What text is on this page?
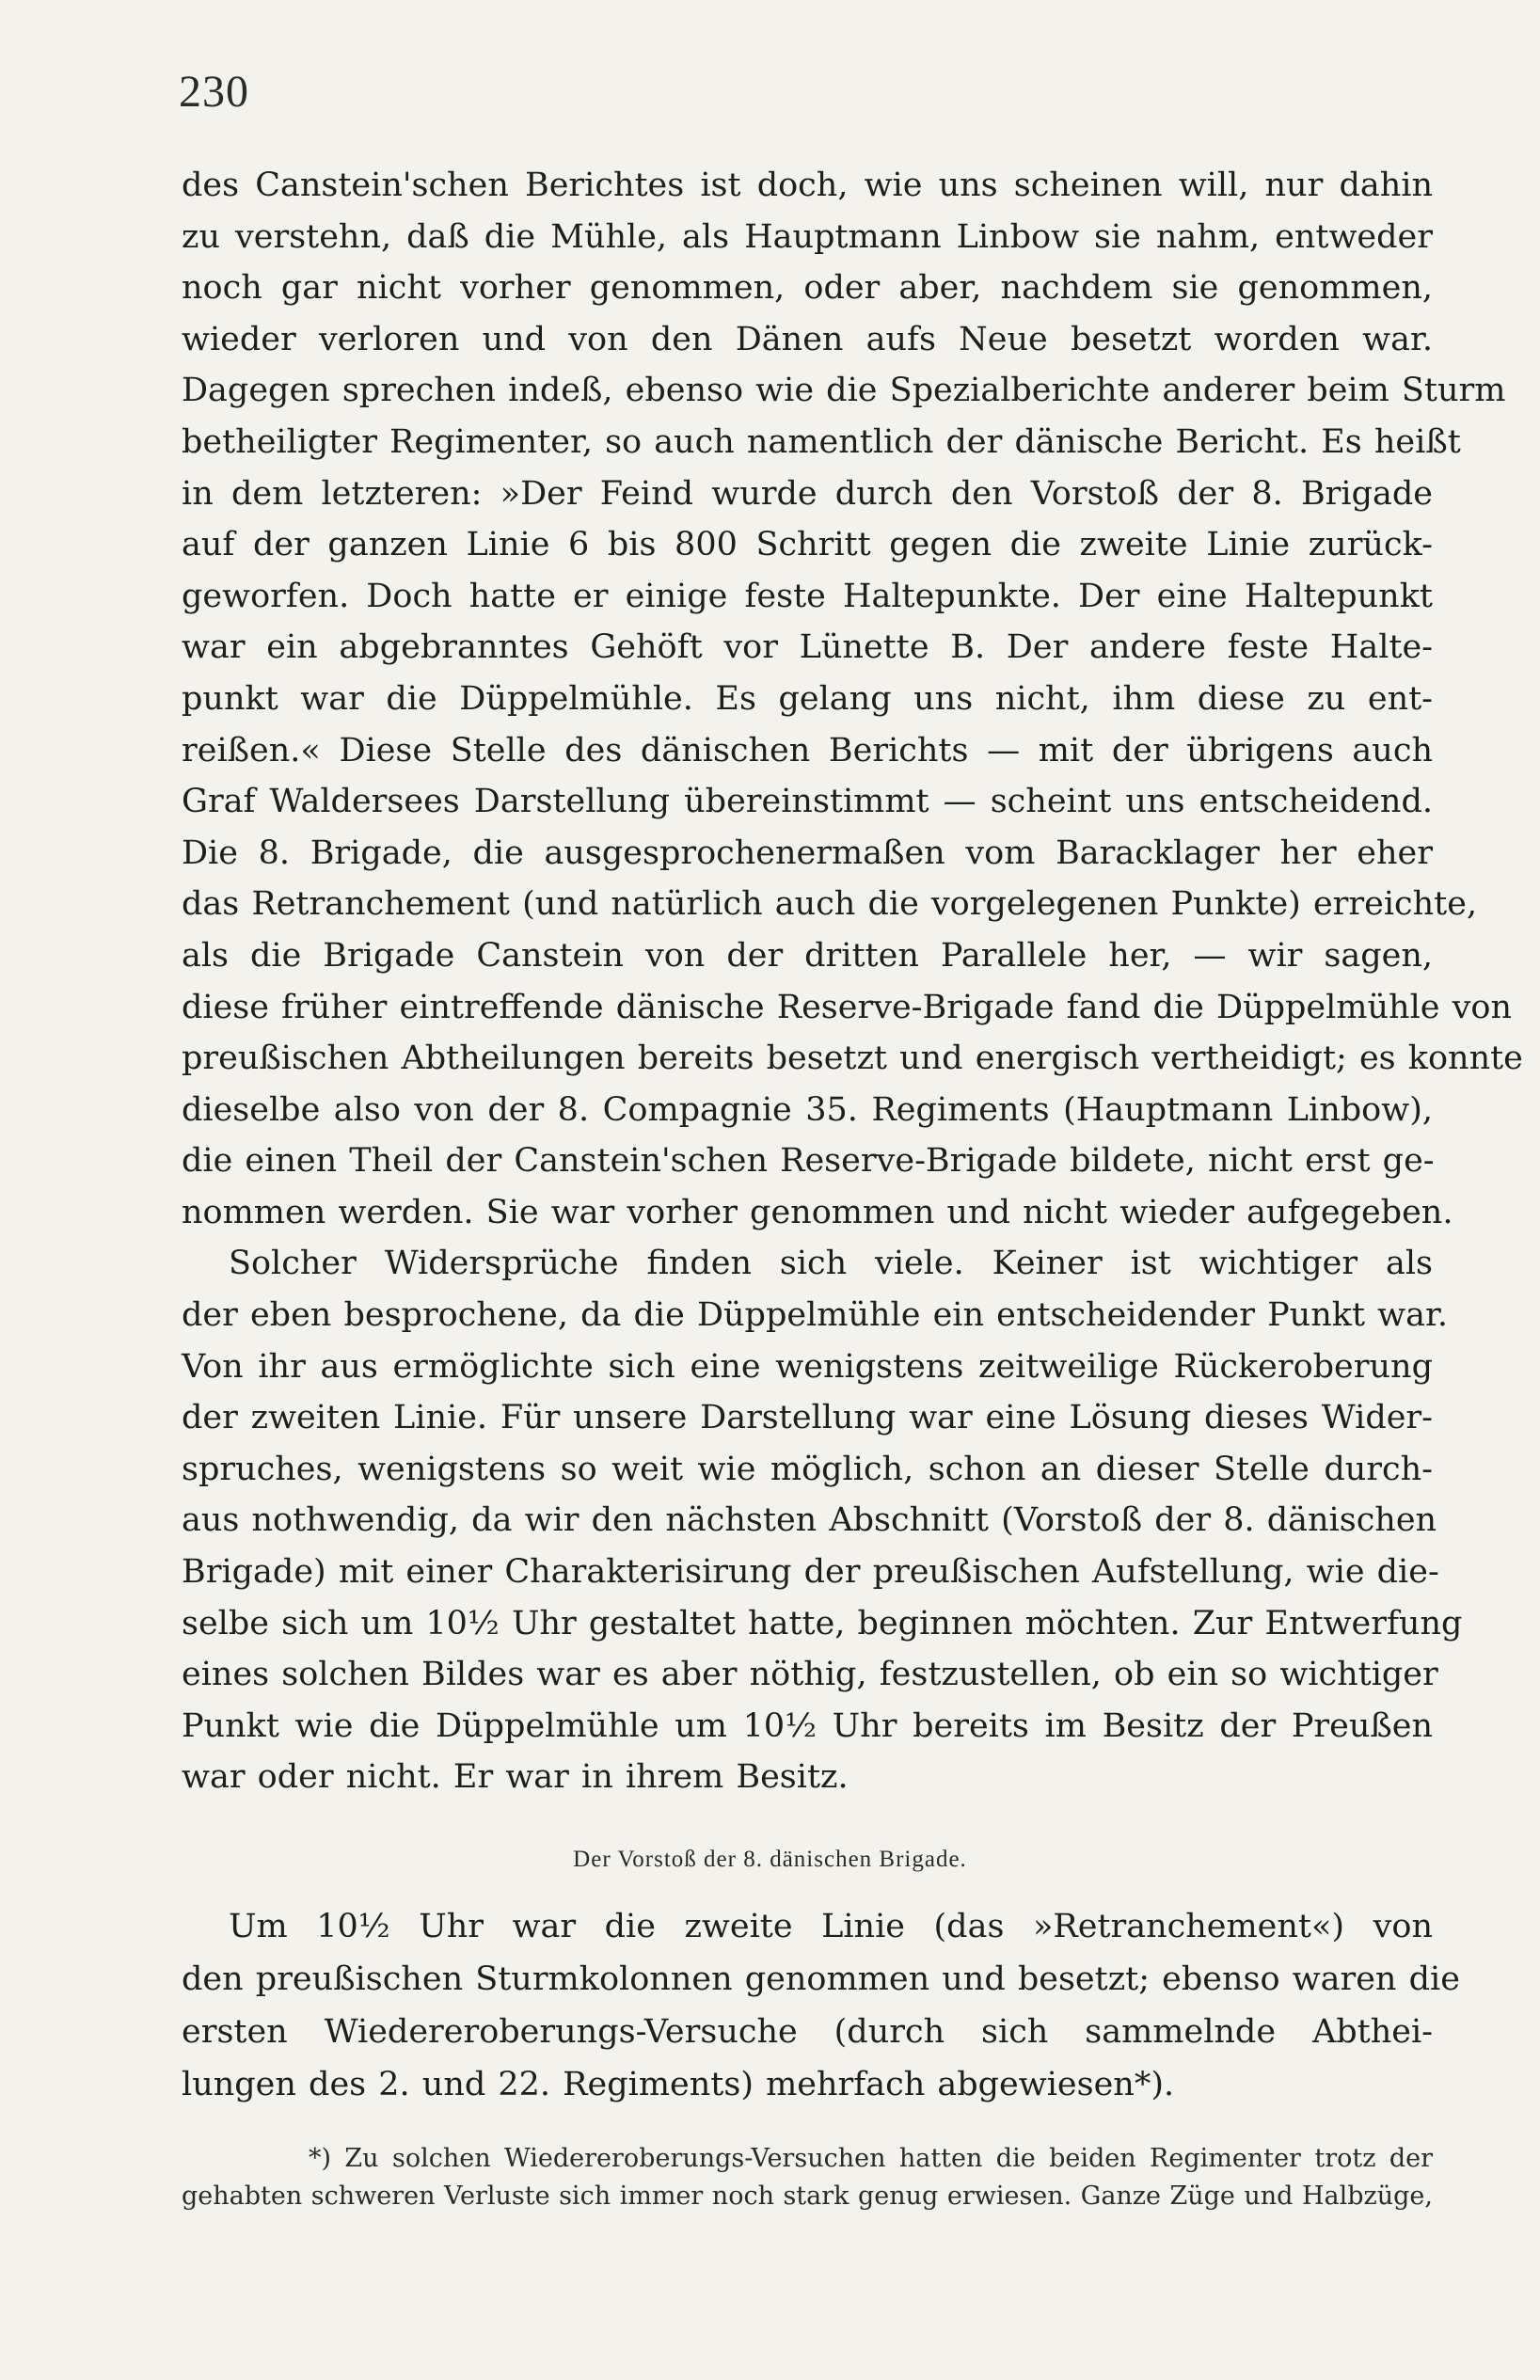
230
des Canstein'schen Berichtes ist doch, wie uns scheinen will, nur dahin
zu verstehn, daß die Mühle, als Hauptmann Linbow sie nahm, entweder
noch gar nicht vorher genommen, oder aber, nachdem sie genommen,
wieder verloren und von den Dänen aufs Neue besetzt worden war.
Dagegen sprechen indeß, ebenso wie die Spezialberichte anderer beim Sturm
betheiligter Regimenter, so auch namentlich der dänische Bericht. Es heißt
in dem letzteren: »Der Feind wurde durch den Vorstoß der 8. Brigade
auf der ganzen Linie 6 bis 800 Schritt gegen die zweite Linie zurück-
geworfen. Doch hatte er einige feste Haltepunkte. Der eine Haltepunkt
war ein abgebranntes Gehöft vor Lünette B. Der andere feste Halte-
punkt war die Düppelmühle. Es gelang uns nicht, ihm diese zu ent-
reißen.« Diese Stelle des dänischen Berichts — mit der übrigens auch
Graf Waldersees Darstellung übereinstimmt — scheint uns entscheidend.
Die 8. Brigade, die ausgesprochenermaßen vom Baracklager her eher
das Retranchement (und natürlich auch die vorgelegenen Punkte) erreichte,
als die Brigade Canstein von der dritten Parallele her, — wir sagen,
diese früher eintreffende dänische Reserve-Brigade fand die Düppelmühle von
preußischen Abtheilungen bereits besetzt und energisch vertheidigt; es konnte
dieselbe also von der 8. Compagnie 35. Regiments (Hauptmann Linbow),
die einen Theil der Canstein'schen Reserve-Brigade bildete, nicht erst ge-
nommen werden. Sie war vorher genommen und nicht wieder aufgegeben.
Solcher Widersprüche finden sich viele. Keiner ist wichtiger als
der eben besprochene, da die Düppelmühle ein entscheidender Punkt war.
Von ihr aus ermöglichte sich eine wenigstens zeitweilige Rückeroberung
der zweiten Linie. Für unsere Darstellung war eine Lösung dieses Wider-
spruches, wenigstens so weit wie möglich, schon an dieser Stelle durch-
aus nothwendig, da wir den nächsten Abschnitt (Vorstoß der 8. dänischen
Brigade) mit einer Charakterisirung der preußischen Aufstellung, wie die-
selbe sich um 10½ Uhr gestaltet hatte, beginnen möchten. Zur Entwerfung
eines solchen Bildes war es aber nöthig, festzustellen, ob ein so wichtiger
Punkt wie die Düppelmühle um 10½ Uhr bereits im Besitz der Preußen
war oder nicht. Er war in ihrem Besitz.
Der Vorstoß der 8. dänischen Brigade.
Um 10½ Uhr war die zweite Linie (das »Retranchement«) von
den preußischen Sturmkolonnen genommen und besetzt; ebenso waren die
ersten Wiedereroberungs-Versuche (durch sich sammelnde Abthei-
lungen des 2. und 22. Regiments) mehrfach abgewiesen*).
*) Zu solchen Wiedereroberungs-Versuchen hatten die beiden Regimenter trotz der
gehabten schweren Verluste sich immer noch stark genug erwiesen. Ganze Züge und Halbzüge,
